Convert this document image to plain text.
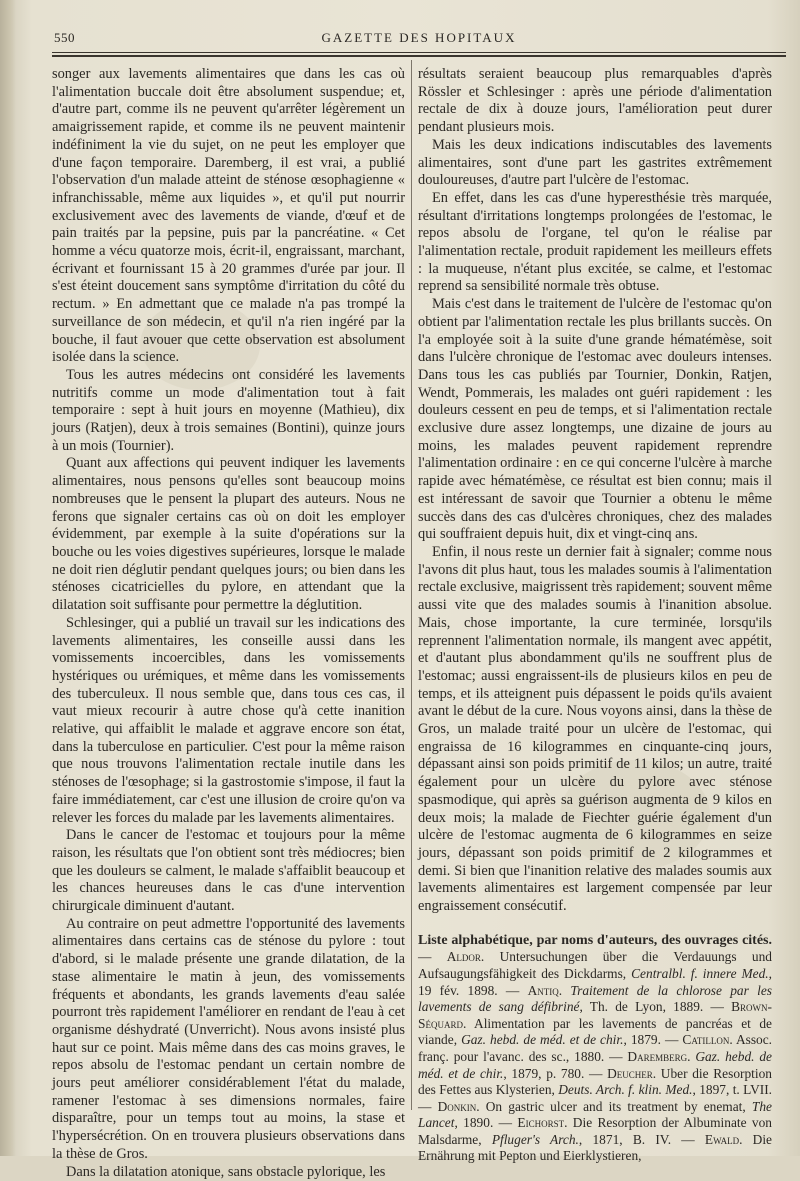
550	GAZETTE DES HOPITAUX

songer aux lavements alimentaires que dans les cas où l'alimentation buccale doit être absolument suspendue; et, d'autre part, comme ils ne peuvent qu'arrêter légèrement un amaigrissement rapide, et comme ils ne peuvent maintenir indéfiniment la vie du sujet, on ne peut les employer que d'une façon temporaire. Daremberg, il est vrai, a publié l'observation d'un malade atteint de sténose œsophagienne « infranchissable, même aux liquides », et qu'il put nourrir exclusivement avec des lavements de viande, d'œuf et de pain traités par la pepsine, puis par la pancréatine. « Cet homme a vécu quatorze mois, écrit-il, engraissant, marchant, écrivant et fournissant 15 à 20 grammes d'urée par jour. Il s'est éteint doucement sans symptôme d'irritation du côté du rectum. » En admettant que ce malade n'a pas trompé la surveillance de son médecin, et qu'il n'a rien ingéré par la bouche, il faut avouer que cette observation est absolument isolée dans la science.

Tous les autres médecins ont considéré les lavements nutritifs comme un mode d'alimentation tout à fait temporaire : sept à huit jours en moyenne (Mathieu), dix jours (Ratjen), deux à trois semaines (Bontini), quinze jours à un mois (Tournier).

Quant aux affections qui peuvent indiquer les lavements alimentaires, nous pensons qu'elles sont beaucoup moins nombreuses que le pensent la plupart des auteurs. Nous ne ferons que signaler certains cas où on doit les employer évidemment, par exemple à la suite d'opérations sur la bouche ou les voies digestives supérieures, lorsque le malade ne doit rien déglutir pendant quelques jours; ou bien dans les sténoses cicatricielles du pylore, en attendant que la dilatation soit suffisante pour permettre la déglutition.

Schlesinger, qui a publié un travail sur les indications des lavements alimentaires, les conseille aussi dans les vomissements incoercibles, dans les vomissements hystériques ou urémiques, et même dans les vomissements des tuberculeux. Il nous semble que, dans tous ces cas, il vaut mieux recourir à autre chose qu'à cette inanition relative, qui affaiblit le malade et aggrave encore son état, dans la tuberculose en particulier. C'est pour la même raison que nous trouvons l'alimentation rectale inutile dans les sténoses de l'œsophage; si la gastrostomie s'impose, il faut la faire immédiatement, car c'est une illusion de croire qu'on va relever les forces du malade par les lavements alimentaires.

Dans le cancer de l'estomac et toujours pour la même raison, les résultats que l'on obtient sont très médiocres; bien que les douleurs se calment, le malade s'affaiblit beaucoup et les chances heureuses dans le cas d'une intervention chirurgicale diminuent d'autant.

Au contraire on peut admettre l'opportunité des lavements alimentaires dans certains cas de sténose du pylore : tout d'abord, si le malade présente une grande dilatation, de la stase alimentaire le matin à jeun, des vomissements fréquents et abondants, les grands lavements d'eau salée pourront très rapidement l'améliorer en rendant de l'eau à cet organisme déshydraté (Unverricht). Nous avons insisté plus haut sur ce point. Mais même dans des cas moins graves, le repos absolu de l'estomac pendant un certain nombre de jours peut améliorer considérablement l'état du malade, ramener l'estomac à ses dimensions normales, faire disparaître, pour un temps tout au moins, la stase et l'hypersécrétion. On en trouvera plusieurs observations dans la thèse de Gros.

Dans la dilatation atonique, sans obstacle pylorique, les

résultats seraient beaucoup plus remarquables d'après Rössler et Schlesinger : après une période d'alimentation rectale de dix à douze jours, l'amélioration peut durer pendant plusieurs mois.

Mais les deux indications indiscutables des lavements alimentaires, sont d'une part les gastrites extrêmement douloureuses, d'autre part l'ulcère de l'estomac.

En effet, dans les cas d'une hyperesthésie très marquée, résultant d'irritations longtemps prolongées de l'estomac, le repos absolu de l'organe, tel qu'on le réalise par l'alimentation rectale, produit rapidement les meilleurs effets : la muqueuse, n'étant plus excitée, se calme, et l'estomac reprend sa sensibilité normale très obtuse.

Mais c'est dans le traitement de l'ulcère de l'estomac qu'on obtient par l'alimentation rectale les plus brillants succès. On l'a employée soit à la suite d'une grande hématémèse, soit dans l'ulcère chronique de l'estomac avec douleurs intenses. Dans tous les cas publiés par Tournier, Donkin, Ratjen, Wendt, Pommerais, les malades ont guéri rapidement : les douleurs cessent en peu de temps, et si l'alimentation rectale exclusive dure assez longtemps, une dizaine de jours au moins, les malades peuvent rapidement reprendre l'alimentation ordinaire : en ce qui concerne l'ulcère à marche rapide avec hématémèse, ce résultat est bien connu; mais il est intéressant de savoir que Tournier a obtenu le même succès dans des cas d'ulcères chroniques, chez des malades qui souffraient depuis huit, dix et vingt-cinq ans.

Enfin, il nous reste un dernier fait à signaler; comme nous l'avons dit plus haut, tous les malades soumis à l'alimentation rectale exclusive, maigrissent très rapidement; souvent même aussi vite que des malades soumis à l'inanition absolue. Mais, chose importante, la cure terminée, lorsqu'ils reprennent l'alimentation normale, ils mangent avec appétit, et d'autant plus abondamment qu'ils ne souffrent plus de l'estomac; aussi engraissent-ils de plusieurs kilos en peu de temps, et ils atteignent puis dépassent le poids qu'ils avaient avant le début de la cure. Nous voyons ainsi, dans la thèse de Gros, un malade traité pour un ulcère de l'estomac, qui engraissa de 16 kilogrammes en cinquante-cinq jours, dépassant ainsi son poids primitif de 11 kilos; un autre, traité également pour un ulcère du pylore avec sténose spasmodique, qui après sa guérison augmenta de 9 kilos en deux mois; la malade de Fiechter guérie également d'un ulcère de l'estomac augmenta de 6 kilogrammes en seize jours, dépassant son poids primitif de 2 kilogrammes et demi. Si bien que l'inanition relative des malades soumis aux lavements alimentaires est largement compensée par leur engraissement consécutif.

Liste alphabétique, par noms d'auteurs, des ouvrages cités. — Aldor. Untersuchungen über die Verdauungs und Aufsaugungsfähigkeit des Dickdarms, Centralbl. f. innere Med., 19 fév. 1898. — Antiq. Traitement de la chlorose par les lavements de sang défibriné, Th. de Lyon, 1889. — Brown-Séquard. Alimentation par les lavements de pancréas et de viande, Gaz. hebd. de méd. et de chir., 1879. — Catillon. Assoc. franç. pour l'avanc. des sc., 1880. — Daremberg. Gaz. hebd. de méd. et de chir., 1879, p. 780. — Deucher. Uber die Resorption des Fettes aus Klysterien, Deuts. Arch. f. klin. Med., 1897, t. LVII. — Donkin. On gastric ulcer and its treatment by enemat, The Lancet, 1890. — Eichorst. Die Resorption der Albuminate von Malsdarme, Pfluger's Arch., 1871, B. IV. — Ewald. Die Ernährung mit Pepton und Eierklystieren,
